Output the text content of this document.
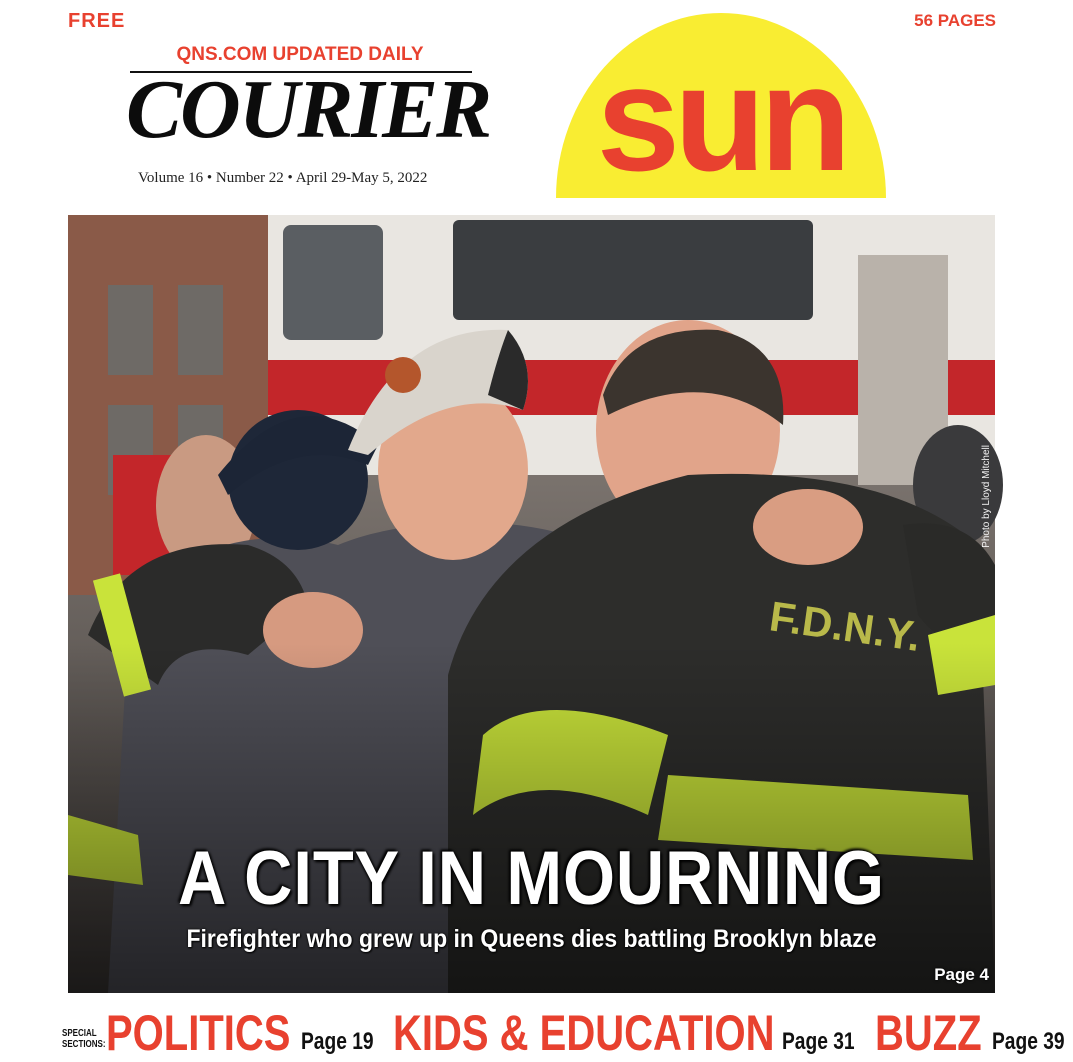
FREE	56 PAGES
QNS.COM UPDATED DAILY
COURIER
Volume 16 • Number 22 • April 29-May 5, 2022 sun
Photo by Lloyd Mitchell
A CITY IN MOURNING
Firefighter who grew up in Queens dies battling Brooklyn blaze
Page 4
SPECIAL
SECTIONS: POLITICS Page 19 KIDS & EDUCATION Page 31 BUZZ Page 39
